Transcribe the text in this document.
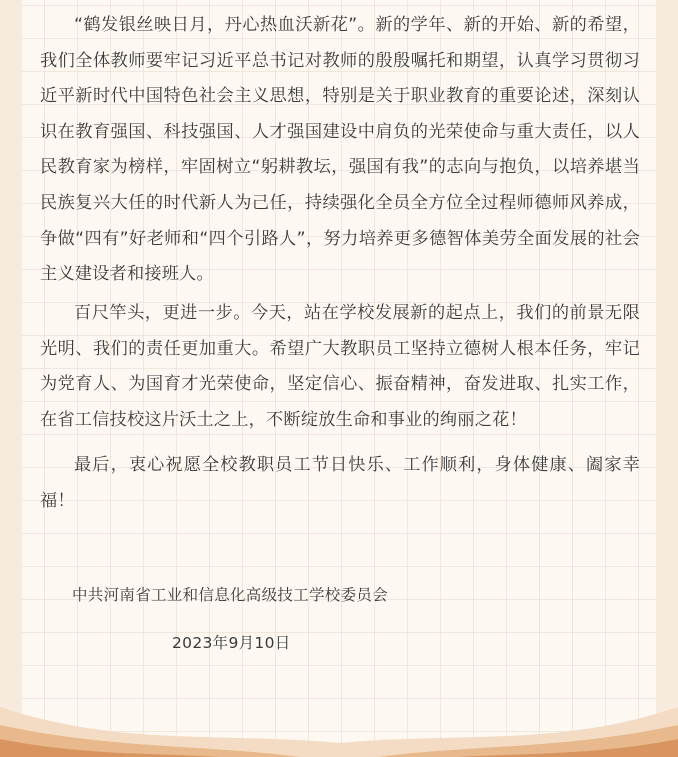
“鹤发银丝映日月，丹心热血沃新花”。新的学年、新的开始、新的希望，我们全体教师要牢记习近平总书记对教师的殷殷嘱托和期望，认真学习贯彻习近平新时代中国特色社会主义思想，特别是关于职业教育的重要论述，深刻认识在教育强国、科技强国、人才强国建设中肩负的光荣使命与重大责任，以人民教育家为榜样，牢固树立“躬耕教坛，强国有我”的志向与抱负，以培养堪当民族复兴大任的时代新人为己任，持续强化全员全方位全过程师德师风养成，争做“四有”好老师和“四个引路人”，努力培养更多德智体美劳全面发展的社会主义建设者和接班人。

百尺竿头，更进一步。今天，站在学校发展新的起点上，我们的前景无限光明、我们的责任更加重大。希望广大教职员工坚持立德树人根本任务，牢记为党育人、为国育才光荣使命，坚定信心、振奋精神，奋发进取、扎实工作，在省工信技校这片沃土之上，不断绽放生命和事业的绚丽之花！

最后，衷心祝愿全校教职员工节日快乐、工作顺利，身体健康、阖家幸福！

中共河南省工业和信息化高级技工学校委员会
2023年9月10日
